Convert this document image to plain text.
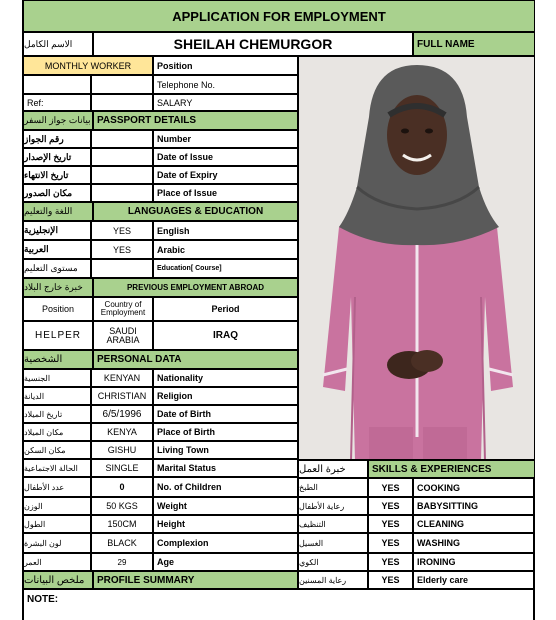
APPLICATION FOR EMPLOYMENT
الاسم الكامل	SHEILAH CHEMURGOR	FULL NAME
MONTHLY WORKER	Position
Telephone No.
Ref:	SALARY
بيانات جواز السفر PASSPORT DETAILS
رقم الجواز	Number
تاريخ الإصدار	Date of Issue
تاريخ الانتهاء	Date of Expiry
مكان الصدور	Place of Issue
اللغة والتعليم	LANGUAGES & EDUCATION
الإنجليزية	YES	English
العربية	YES	Arabic
مستوى التعليم	Education[ Course]
خبرة خارج البلاد	PREVIOUS EMPLOYMENT ABROAD
Position	Country of Employment	Period
HELPER	SAUDI ARABIA	IRAQ
الشخصية	PERSONAL DATA
الجنسية	KENYAN	Nationality
الديانة	CHRISTIAN	Religion
تاريخ الميلاد	6/5/1996	Date of Birth
مكان الميلاد	KENYA	Place of Birth
مكان السكن	GISHU	Living Town
الحالة الاجتماعية	SINGLE	Marital Status
عدد الأطفال	0	No. of Children
الوزن	50 KGS	Weight
الطول	150CM	Height
لون البشرة	BLACK	Complexion
العمر	29	Age
ملخص البيانات	PROFILE SUMMARY
خبرة العمل	SKILLS & EXPERIENCES
الطبخ	YES	COOKING
رعاية الأطفال	YES	BABYSITTING
التنظيف	YES	CLEANING
الغسيل	YES	WASHING
الكوي	YES	IRONING
رعاية المسنين	YES	Elderly care
NOTE:
